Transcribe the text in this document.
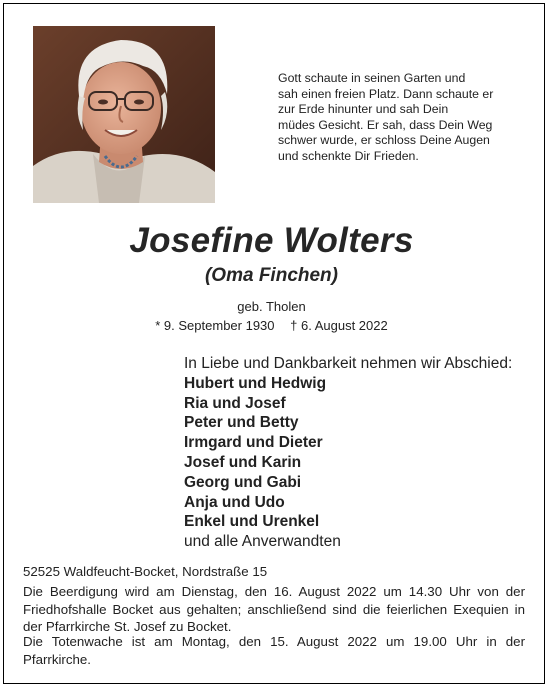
Gott schaute in seinen Garten und
sah einen freien Platz. Dann schaute er
zur Erde hinunter und sah Dein
müdes Gesicht. Er sah, dass Dein Weg
schwer wurde, er schloss Deine Augen
und schenkte Dir Frieden.
Josefine Wolters
(Oma Finchen)
geb. Tholen
* 9. September 1930 † 6. August 2022
In Liebe und Dankbarkeit nehmen wir Abschied:
Hubert und Hedwig
Ria und Josef
Peter und Betty
Irmgard und Dieter
Josef und Karin
Georg und Gabi
Anja und Udo
Enkel und Urenkel
und alle Anverwandten
52525 Waldfeucht-Bocket, Nordstraße 15
Die Beerdigung wird am Dienstag, den 16. August 2022 um 14.30 Uhr von der Friedhofshalle Bocket aus gehalten; anschließend sind die feierlichen Exequien in der Pfarrkirche St. Josef zu Bocket.
Die Totenwache ist am Montag, den 15. August 2022 um 19.00 Uhr in der Pfarrkirche.
